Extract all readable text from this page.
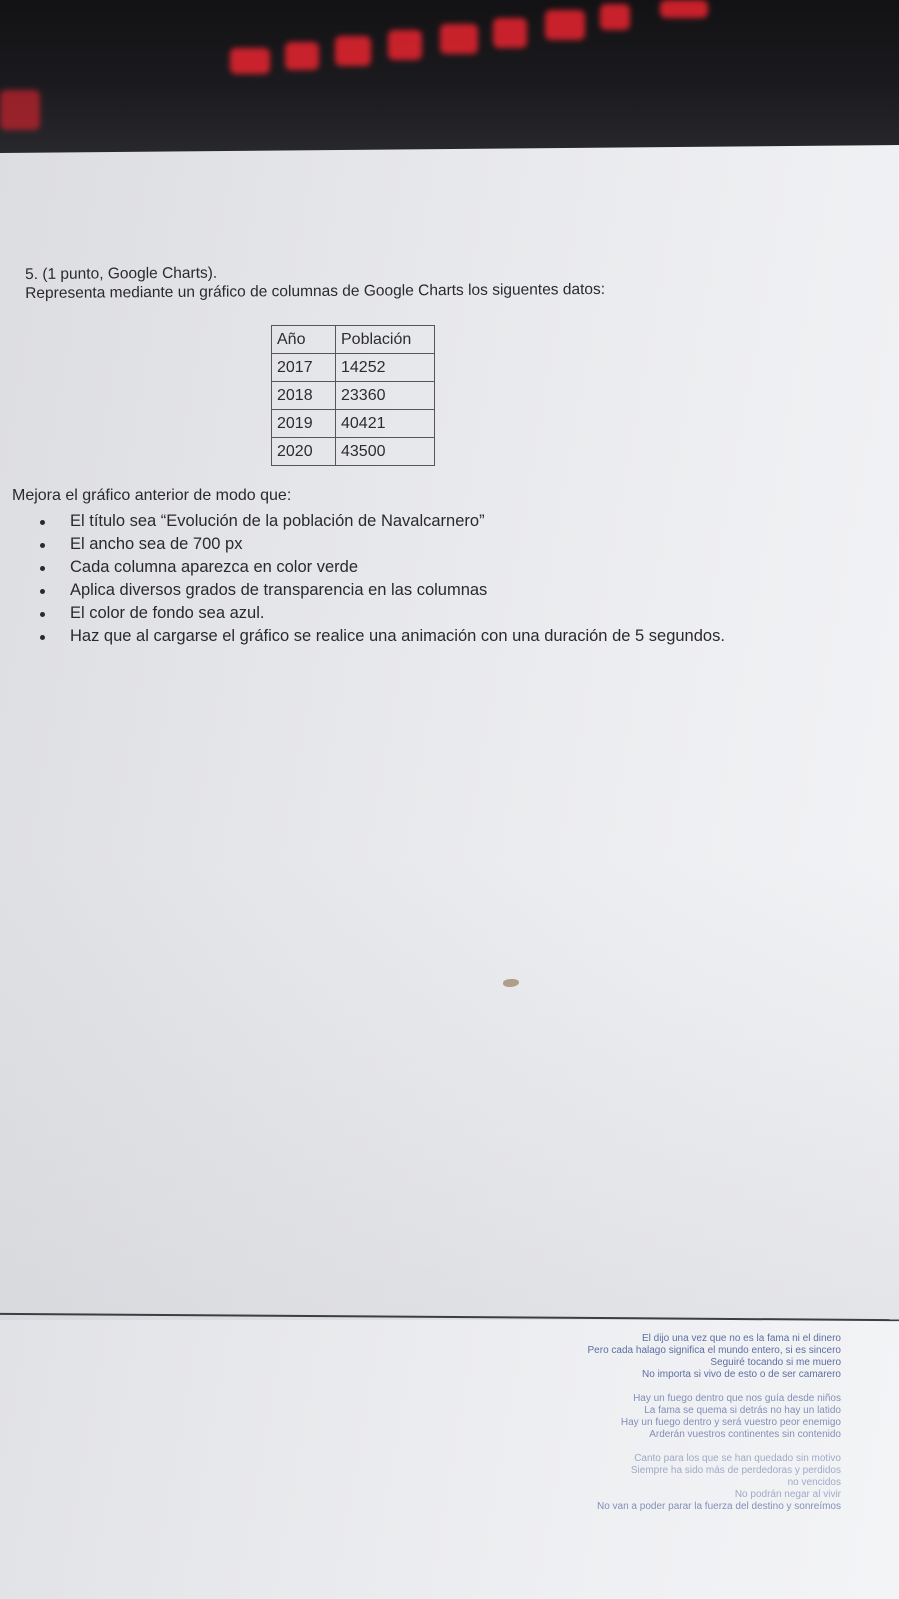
5. (1 punto, Google Charts).
Representa mediante un gráfico de columnas de Google Charts los siguentes datos:
Año	Población
2017	14252
2018	23360
2019	40421
2020	43500
Mejora el gráfico anterior de modo que:
El título sea “Evolución de la población de Navalcarnero”
El ancho sea de 700 px
Cada columna aparezca en color verde
Aplica diversos grados de transparencia en las columnas
El color de fondo sea azul.
Haz que al cargarse el gráfico se realice una animación con una duración de 5 segundos.

El dijo una vez que no es la fama ni el dinero

Pero cada halago significa el mundo entero, si es sincero

Seguiré tocando si me muero

No importa si vivo de esto o de ser camarero

Hay un fuego dentro que nos guía desde niños

La fama se quema si detrás no hay un latido

Hay un fuego dentro y será vuestro peor enemigo

Arderán vuestros continentes sin contenido

Canto para los que se han quedado sin motivo

Siempre ha sido más de perdedoras y perdidos

no vencidos

No podrán negar al vivir

No van a poder parar la fuerza del destino y sonreímos
